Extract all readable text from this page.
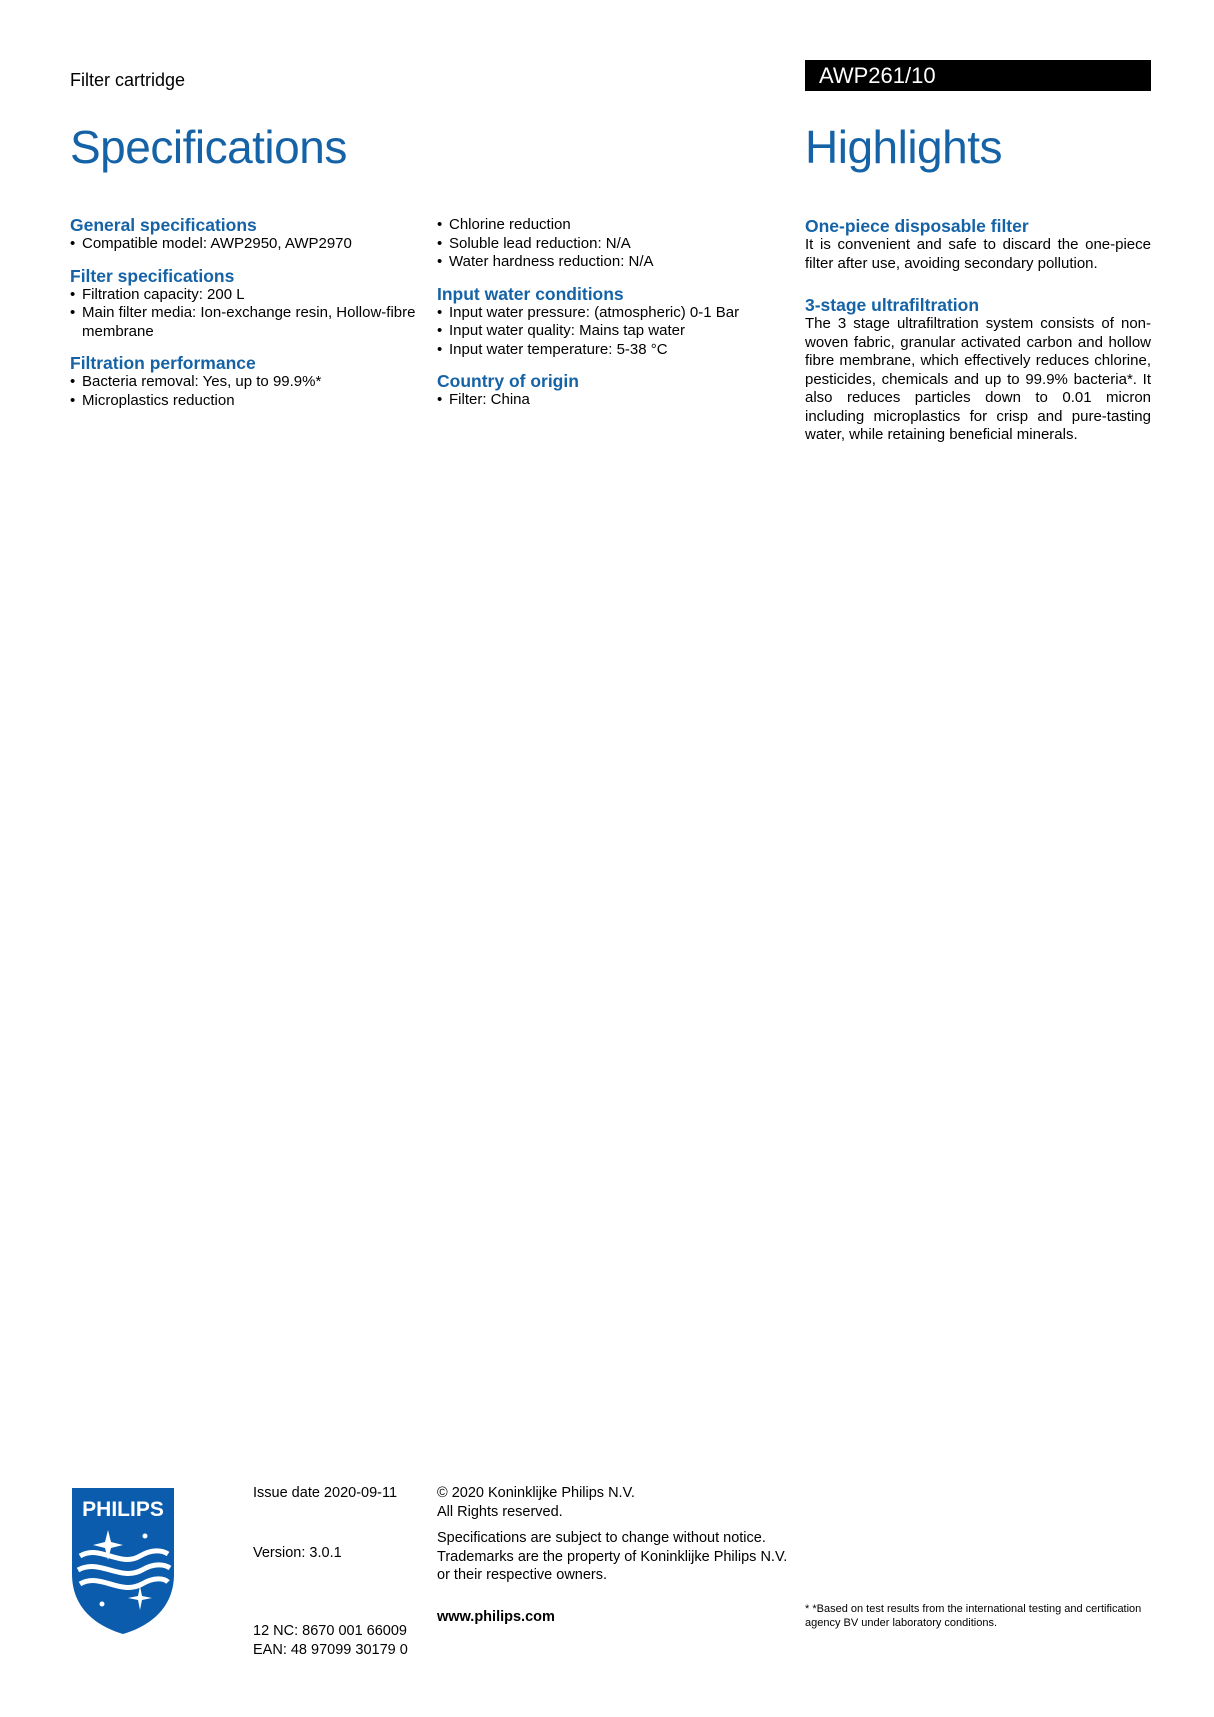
Filter cartridge	AWP261/10
Specifications	Highlights
General specifications
• Compatible model: AWP2950, AWP2970
Filter specifications
• Filtration capacity: 200 L
• Main filter media: Ion-exchange resin, Hollow-fibre membrane
Filtration performance
• Bacteria removal: Yes, up to 99.9%*
• Microplastics reduction
• Chlorine reduction
• Soluble lead reduction: N/A
• Water hardness reduction: N/A
Input water conditions
• Input water pressure: (atmospheric) 0-1 Bar
• Input water quality: Mains tap water
• Input water temperature: 5-38 °C
Country of origin
• Filter: China
One-piece disposable filter
It is convenient and safe to discard the one-piece filter after use, avoiding secondary pollution.
3-stage ultrafiltration
The 3 stage ultrafiltration system consists of non-woven fabric, granular activated carbon and hollow fibre membrane, which effectively reduces chlorine, pesticides, chemicals and up to 99.9% bacteria*. It also reduces particles down to 0.01 micron including microplastics for crisp and pure-tasting water, while retaining beneficial minerals.
PHILIPS
Issue date 2020-09-11
Version: 3.0.1
12 NC: 8670 001 66009
EAN: 48 97099 30179 0
© 2020 Koninklijke Philips N.V.
All Rights reserved.
Specifications are subject to change without notice.
Trademarks are the property of Koninklijke Philips N.V.
or their respective owners.
www.philips.com	* *Based on test results from the international testing and certification agency BV under laboratory conditions.
